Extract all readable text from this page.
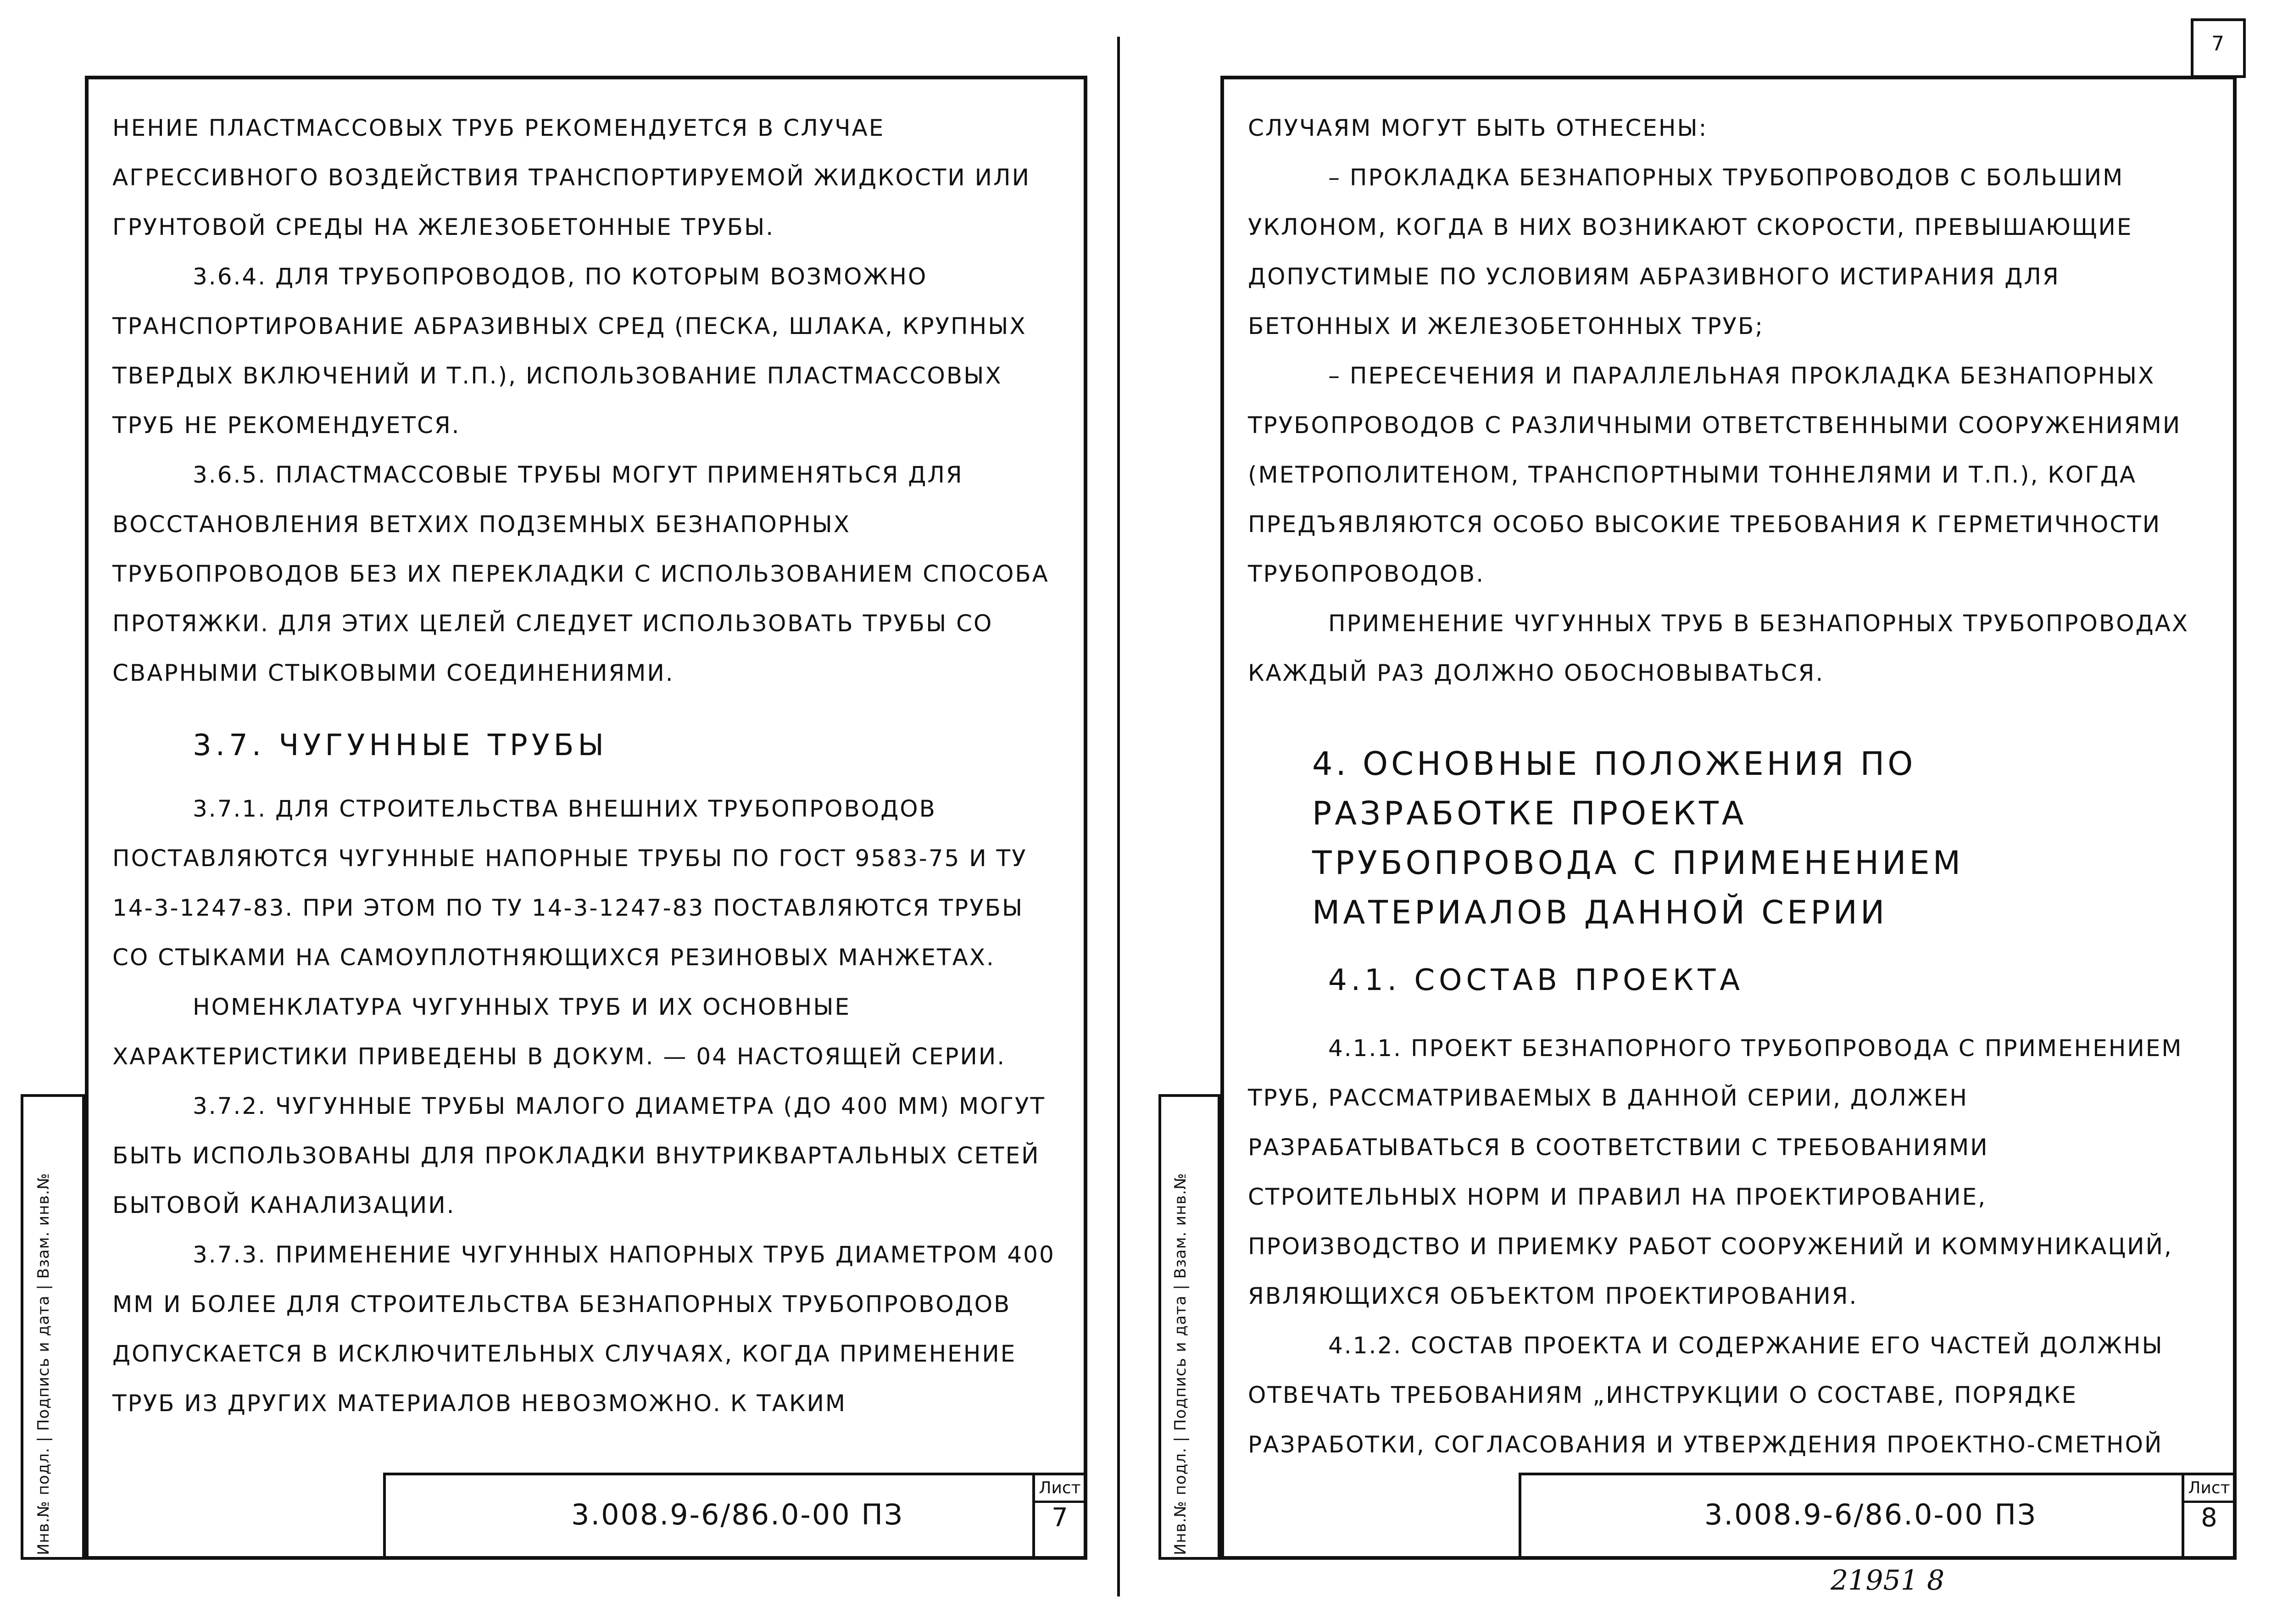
НЕНИЕ ПЛАСТМАССОВЫХ ТРУБ РЕКОМЕНДУЕТСЯ В СЛУЧАЕ АГРЕССИВНОГО ВОЗДЕЙСТВИЯ ТРАНСПОРТИРУЕМОЙ ЖИДКОСТИ ИЛИ ГРУНТОВОЙ СРЕДЫ НА ЖЕЛЕЗОБЕТОННЫЕ ТРУБЫ.

3.6.4. ДЛЯ ТРУБОПРОВОДОВ, ПО КОТОРЫМ ВОЗМОЖНО ТРАНСПОРТИРОВАНИЕ АБРАЗИВНЫХ СРЕД (ПЕСКА, ШЛАКА, КРУПНЫХ ТВЕРДЫХ ВКЛЮЧЕНИЙ И Т.П.), ИСПОЛЬЗОВАНИЕ ПЛАСТМАССОВЫХ ТРУБ НЕ РЕКОМЕНДУЕТСЯ.

3.6.5. ПЛАСТМАССОВЫЕ ТРУБЫ МОГУТ ПРИМЕНЯТЬСЯ ДЛЯ ВОССТАНОВЛЕНИЯ ВЕТХИХ ПОДЗЕМНЫХ БЕЗНАПОРНЫХ ТРУБОПРОВОДОВ БЕЗ ИХ ПЕРЕКЛАДКИ С ИСПОЛЬЗОВАНИЕМ СПОСОБА ПРОТЯЖКИ. ДЛЯ ЭТИХ ЦЕЛЕЙ СЛЕДУЕТ ИСПОЛЬЗОВАТЬ ТРУБЫ СО СВАРНЫМИ СТЫКОВЫМИ СОЕДИНЕНИЯМИ.

3.7. ЧУГУННЫЕ ТРУБЫ

3.7.1. ДЛЯ СТРОИТЕЛЬСТВА ВНЕШНИХ ТРУБОПРОВОДОВ ПОСТАВЛЯЮТСЯ ЧУГУННЫЕ НАПОРНЫЕ ТРУБЫ ПО ГОСТ 9583-75 И ТУ 14-3-1247-83. ПРИ ЭТОМ ПО ТУ 14-3-1247-83 ПОСТАВЛЯЮТСЯ ТРУБЫ СО СТЫКАМИ НА САМОУПЛОТНЯЮЩИХСЯ РЕЗИНОВЫХ МАНЖЕТАХ.

НОМЕНКЛАТУРА ЧУГУННЫХ ТРУБ И ИХ ОСНОВНЫЕ ХАРАКТЕРИСТИКИ ПРИВЕДЕНЫ В ДОКУМ. — 04 НАСТОЯЩЕЙ СЕРИИ.

3.7.2. ЧУГУННЫЕ ТРУБЫ МАЛОГО ДИАМЕТРА (ДО 400 ММ) МОГУТ БЫТЬ ИСПОЛЬЗОВАНЫ ДЛЯ ПРОКЛАДКИ ВНУТРИКВАРТАЛЬНЫХ СЕТЕЙ БЫТОВОЙ КАНАЛИЗАЦИИ.

3.7.3. ПРИМЕНЕНИЕ ЧУГУННЫХ НАПОРНЫХ ТРУБ ДИАМЕТРОМ 400 ММ И БОЛЕЕ ДЛЯ СТРОИТЕЛЬСТВА БЕЗНАПОРНЫХ ТРУБОПРОВОДОВ ДОПУСКАЕТСЯ В ИСКЛЮЧИТЕЛЬНЫХ СЛУЧАЯХ, КОГДА ПРИМЕНЕНИЕ ТРУБ ИЗ ДРУГИХ МАТЕРИАЛОВ НЕВОЗМОЖНО. К ТАКИМ

3.008.9-6/86.0-00 ПЗ
Лист
7
Инв.№ подл. | Подпись и дата | Взам. инв.№
7

СЛУЧАЯМ МОГУТ БЫТЬ ОТНЕСЕНЫ:

– ПРОКЛАДКА БЕЗНАПОРНЫХ ТРУБОПРОВОДОВ С БОЛЬШИМ УКЛОНОМ, КОГДА В НИХ ВОЗНИКАЮТ СКОРОСТИ, ПРЕВЫШАЮЩИЕ ДОПУСТИМЫЕ ПО УСЛОВИЯМ АБРАЗИВНОГО ИСТИРАНИЯ ДЛЯ БЕТОННЫХ И ЖЕЛЕЗОБЕТОННЫХ ТРУБ;

– ПЕРЕСЕЧЕНИЯ И ПАРАЛЛЕЛЬНАЯ ПРОКЛАДКА БЕЗНАПОРНЫХ ТРУБОПРОВОДОВ С РАЗЛИЧНЫМИ ОТВЕТСТВЕННЫМИ СООРУЖЕНИЯМИ (МЕТРОПОЛИТЕНОМ, ТРАНСПОРТНЫМИ ТОННЕЛЯМИ И Т.П.), КОГДА ПРЕДЪЯВЛЯЮТСЯ ОСОБО ВЫСОКИЕ ТРЕБОВАНИЯ К ГЕРМЕТИЧНОСТИ ТРУБОПРОВОДОВ.

ПРИМЕНЕНИЕ ЧУГУННЫХ ТРУБ В БЕЗНАПОРНЫХ ТРУБОПРОВОДАХ КАЖДЫЙ РАЗ ДОЛЖНО ОБОСНОВЫВАТЬСЯ.

4. ОСНОВНЫЕ ПОЛОЖЕНИЯ ПО РАЗРАБОТКЕ ПРОЕКТА ТРУБОПРОВОДА С ПРИМЕНЕНИЕМ МАТЕРИАЛОВ ДАННОЙ СЕРИИ

4.1. СОСТАВ ПРОЕКТА

4.1.1. ПРОЕКТ БЕЗНАПОРНОГО ТРУБОПРОВОДА С ПРИМЕНЕНИЕМ ТРУБ, РАССМАТРИВАЕМЫХ В ДАННОЙ СЕРИИ, ДОЛЖЕН РАЗРАБАТЫВАТЬСЯ В СООТВЕТСТВИИ С ТРЕБОВАНИЯМИ СТРОИТЕЛЬНЫХ НОРМ И ПРАВИЛ НА ПРОЕКТИРОВАНИЕ, ПРОИЗВОДСТВО И ПРИЕМКУ РАБОТ СООРУЖЕНИЙ И КОММУНИКАЦИЙ, ЯВЛЯЮЩИХСЯ ОБЪЕКТОМ ПРОЕКТИРОВАНИЯ.

4.1.2. СОСТАВ ПРОЕКТА И СОДЕРЖАНИЕ ЕГО ЧАСТЕЙ ДОЛЖНЫ ОТВЕЧАТЬ ТРЕБОВАНИЯМ „ИНСТРУКЦИИ О СОСТАВЕ, ПОРЯДКЕ РАЗРАБОТКИ, СОГЛАСОВАНИЯ И УТВЕРЖДЕНИЯ ПРОЕКТНО-СМЕТНОЙ

3.008.9-6/86.0-00 ПЗ
Лист
8
Инв.№ подл. | Подпись и дата | Взам. инв.№
21951 8
